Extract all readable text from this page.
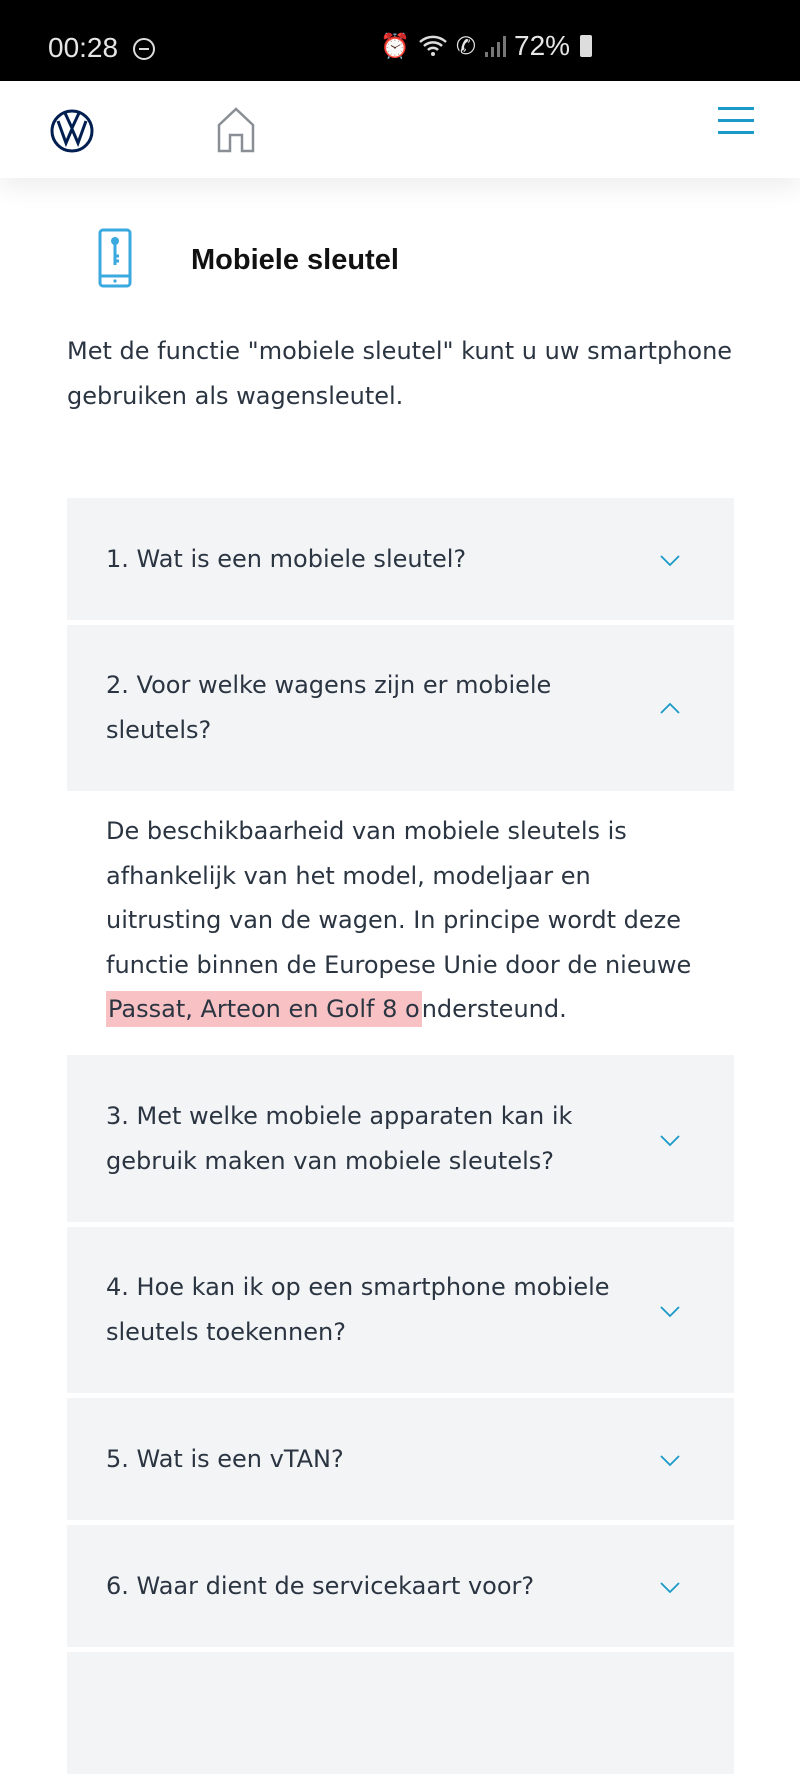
00:28	⏰ ✆ 72%
Mobiele sleutel

Met de functie "mobiele sleutel" kunt u uw smartphone gebruiken als wagensleutel.

1. Wat is een mobiele sleutel?
2. Voor welke wagens zijn er mobiele sleutels?
De beschikbaarheid van mobiele sleutels is afhankelijk van het model, modeljaar en uitrusting van de wagen. In principe wordt deze functie binnen de Europese Unie door de nieuwe Passat, Arteon en Golf 8 ondersteund.
3. Met welke mobiele apparaten kan ik gebruik maken van mobiele sleutels?
4. Hoe kan ik op een smartphone mobiele sleutels toekennen?
5. Wat is een vTAN?
6. Waar dient de servicekaart voor?
